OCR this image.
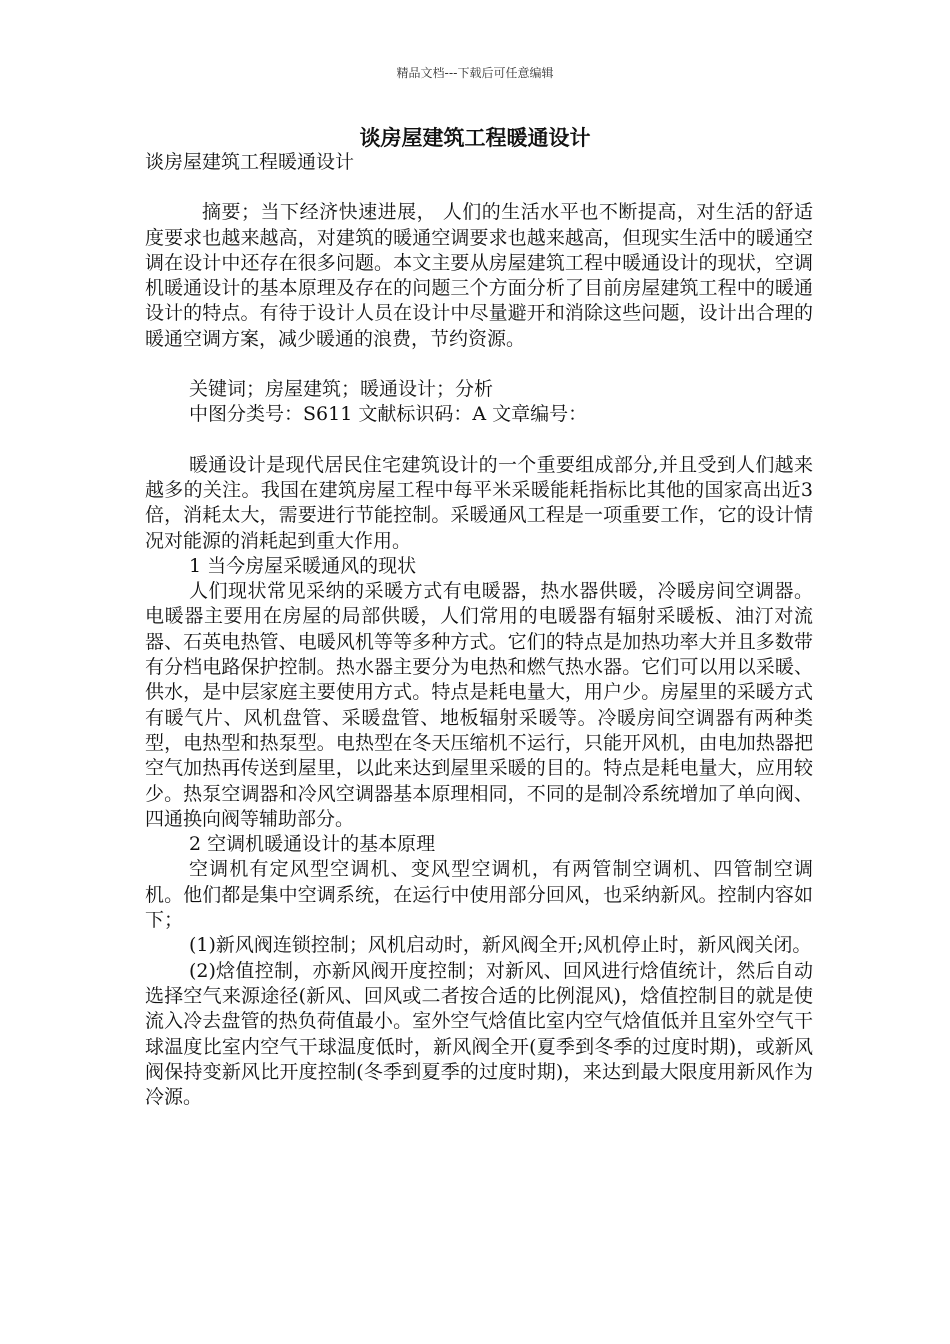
精品文档---下载后可任意编辑
谈房屋建筑工程暖通设计

谈房屋建筑工程暖通设计

摘要；当下经济快速进展， 人们的生活水平也不断提高，对生活的舒适度要求也越来越高，对建筑的暖通空调要求也越来越高，但现实生活中的暖通空调在设计中还存在很多问题。本文主要从房屋建筑工程中暖通设计的现状，空调机暖通设计的基本原理及存在的问题三个方面分析了目前房屋建筑工程中的暖通设计的特点。有待于设计人员在设计中尽量避开和消除这些问题，设计出合理的暖通空调方案，减少暖通的浪费，节约资源。

关键词；房屋建筑；暖通设计；分析

中图分类号：S611 文献标识码：A 文章编号：

暖通设计是现代居民住宅建筑设计的一个重要组成部分,并且受到人们越来越多的关注。我国在建筑房屋工程中每平米采暖能耗指标比其他的国家高出近3倍，消耗太大，需要进行节能控制。采暖通风工程是一项重要工作，它的设计情况对能源的消耗起到重大作用。

1 当今房屋采暖通风的现状

人们现状常见采纳的采暖方式有电暖器，热水器供暖，冷暖房间空调器。电暖器主要用在房屋的局部供暖，人们常用的电暖器有辐射采暖板、油汀对流器、石英电热管、电暖风机等等多种方式。它们的特点是加热功率大并且多数带有分档电路保护控制。热水器主要分为电热和燃气热水器。它们可以用以采暖、供水，是中层家庭主要使用方式。特点是耗电量大，用户少。房屋里的采暖方式有暖气片、风机盘管、采暖盘管、地板辐射采暖等。冷暖房间空调器有两种类型，电热型和热泵型。电热型在冬天压缩机不运行，只能开风机，由电加热器把空气加热再传送到屋里，以此来达到屋里采暖的目的。特点是耗电量大，应用较少。热泵空调器和冷风空调器基本原理相同，不同的是制冷系统增加了单向阀、四通换向阀等辅助部分。

2 空调机暖通设计的基本原理

空调机有定风型空调机、变风型空调机，有两管制空调机、四管制空调机。他们都是集中空调系统，在运行中使用部分回风，也采纳新风。控制内容如下；

(1)新风阀连锁控制；风机启动时，新风阀全开;风机停止时，新风阀关闭。

(2)焓值控制，亦新风阀开度控制；对新风、回风进行焓值统计，然后自动选择空气来源途径(新风、回风或二者按合适的比例混风)，焓值控制目的就是使流入冷去盘管的热负荷值最小。室外空气焓值比室内空气焓值低并且室外空气干球温度比室内空气干球温度低时，新风阀全开(夏季到冬季的过度时期)，或新风阀保持变新风比开度控制(冬季到夏季的过度时期)，来达到最大限度用新风作为冷源。
